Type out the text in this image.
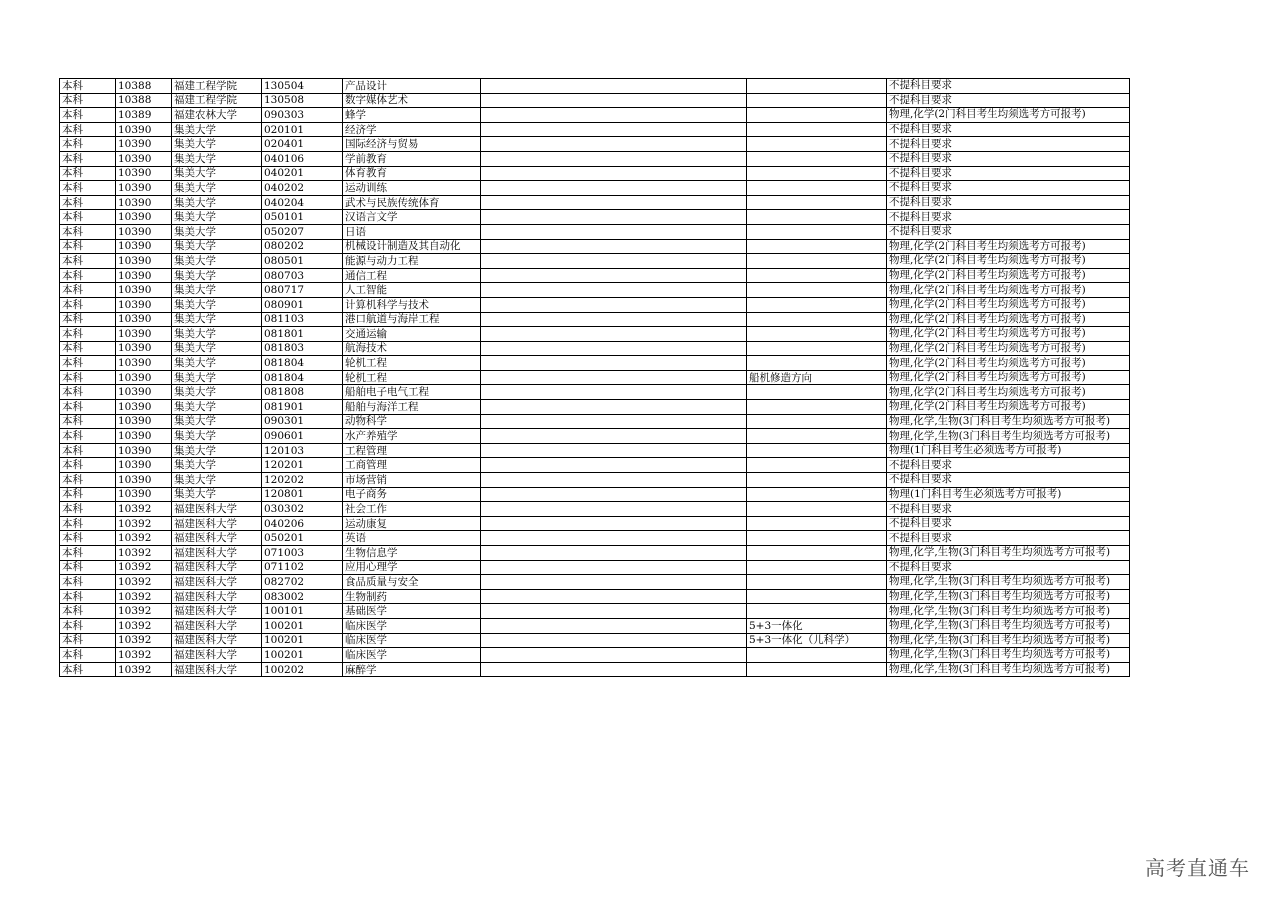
本科	10388	福建工程学院	130504	产品设计			不提科目要求
本科	10388	福建工程学院	130508	数字媒体艺术			不提科目要求
本科	10389	福建农林大学	090303	蜂学			物理,化学(2门科目考生均须选考方可报考)
本科	10390	集美大学	020101	经济学			不提科目要求
本科	10390	集美大学	020401	国际经济与贸易			不提科目要求
本科	10390	集美大学	040106	学前教育			不提科目要求
本科	10390	集美大学	040201	体育教育			不提科目要求
本科	10390	集美大学	040202	运动训练			不提科目要求
本科	10390	集美大学	040204	武术与民族传统体育			不提科目要求
本科	10390	集美大学	050101	汉语言文学			不提科目要求
本科	10390	集美大学	050207	日语			不提科目要求
本科	10390	集美大学	080202	机械设计制造及其自动化			物理,化学(2门科目考生均须选考方可报考)
本科	10390	集美大学	080501	能源与动力工程			物理,化学(2门科目考生均须选考方可报考)
本科	10390	集美大学	080703	通信工程			物理,化学(2门科目考生均须选考方可报考)
本科	10390	集美大学	080717	人工智能			物理,化学(2门科目考生均须选考方可报考)
本科	10390	集美大学	080901	计算机科学与技术			物理,化学(2门科目考生均须选考方可报考)
本科	10390	集美大学	081103	港口航道与海岸工程			物理,化学(2门科目考生均须选考方可报考)
本科	10390	集美大学	081801	交通运输			物理,化学(2门科目考生均须选考方可报考)
本科	10390	集美大学	081803	航海技术			物理,化学(2门科目考生均须选考方可报考)
本科	10390	集美大学	081804	轮机工程			物理,化学(2门科目考生均须选考方可报考)
本科	10390	集美大学	081804	轮机工程		船机修造方向	物理,化学(2门科目考生均须选考方可报考)
本科	10390	集美大学	081808	船舶电子电气工程			物理,化学(2门科目考生均须选考方可报考)
本科	10390	集美大学	081901	船舶与海洋工程			物理,化学(2门科目考生均须选考方可报考)
本科	10390	集美大学	090301	动物科学			物理,化学,生物(3门科目考生均须选考方可报考)
本科	10390	集美大学	090601	水产养殖学			物理,化学,生物(3门科目考生均须选考方可报考)
本科	10390	集美大学	120103	工程管理			物理(1门科目考生必须选考方可报考)
本科	10390	集美大学	120201	工商管理			不提科目要求
本科	10390	集美大学	120202	市场营销			不提科目要求
本科	10390	集美大学	120801	电子商务			物理(1门科目考生必须选考方可报考)
本科	10392	福建医科大学	030302	社会工作			不提科目要求
本科	10392	福建医科大学	040206	运动康复			不提科目要求
本科	10392	福建医科大学	050201	英语			不提科目要求
本科	10392	福建医科大学	071003	生物信息学			物理,化学,生物(3门科目考生均须选考方可报考)
本科	10392	福建医科大学	071102	应用心理学			不提科目要求
本科	10392	福建医科大学	082702	食品质量与安全			物理,化学,生物(3门科目考生均须选考方可报考)
本科	10392	福建医科大学	083002	生物制药			物理,化学,生物(3门科目考生均须选考方可报考)
本科	10392	福建医科大学	100101	基础医学			物理,化学,生物(3门科目考生均须选考方可报考)
本科	10392	福建医科大学	100201	临床医学		5+3一体化	物理,化学,生物(3门科目考生均须选考方可报考)
本科	10392	福建医科大学	100201	临床医学		5+3一体化（儿科学）	物理,化学,生物(3门科目考生均须选考方可报考)
本科	10392	福建医科大学	100201	临床医学			物理,化学,生物(3门科目考生均须选考方可报考)
本科	10392	福建医科大学	100202	麻醉学			物理,化学,生物(3门科目考生均须选考方可报考)
高考直通车
